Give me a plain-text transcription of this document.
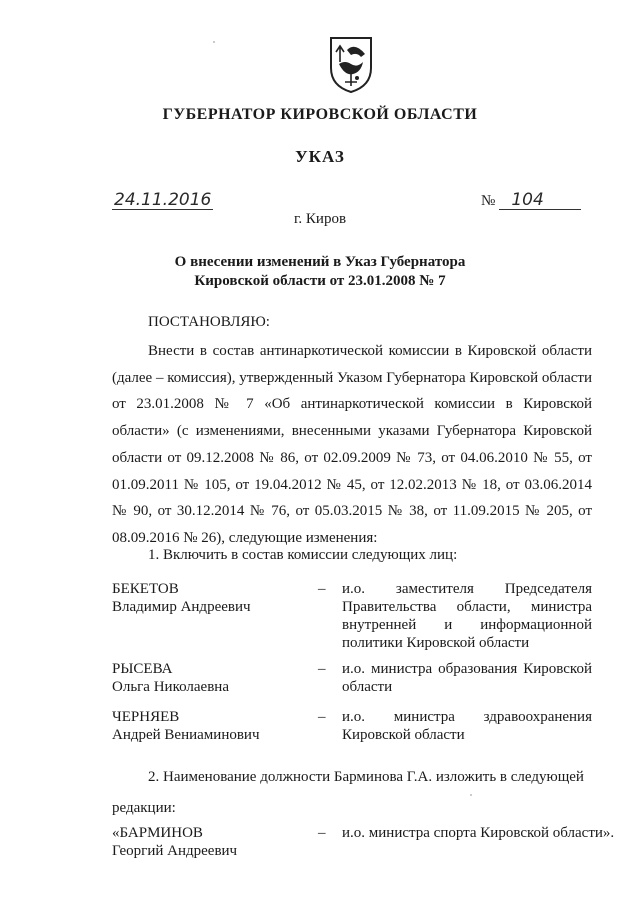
ГУБЕРНАТОР КИРОВСКОЙ ОБЛАСТИ
УКАЗ
24.11.2016	№ 104
г. Киров
О внесении изменений в Указ Губернатора
Кировской области от 23.01.2008 № 7
ПОСТАНОВЛЯЮ:

Внести в состав антинаркотической комиссии в Кировской области (далее – комиссия), утвержденный Указом Губернатора Кировской области от 23.01.2008 № 7 «Об антинаркотической комиссии в Кировской области» (с изменениями, внесенными указами Губернатора Кировской области от 09.12.2008 № 86, от 02.09.2009 № 73, от 04.06.2010 № 55, от 01.09.2011 № 105, от 19.04.2012 № 45, от 12.02.2013 № 18, от 03.06.2014 № 90, от 30.12.2014 № 76, от 05.03.2015 № 38, от 11.09.2015 № 205, от 08.09.2016 № 26), следующие изменения:

1. Включить в состав комиссии следующих лиц:
БЕКЕТОВ
Владимир Андреевич
– и.о. заместителя Председателя Правительства области, министра внутренней и информационной политики Кировской области
РЫСЕВА
Ольга Николаевна
– и.о. министра образования Кировской области
ЧЕРНЯЕВ
Андрей Вениаминович
– и.о. министра здравоохранения Кировской области
2. Наименование должности Барминова Г.А. изложить в следующей
редакции:
«БАРМИНОВ
Георгий Андреевич
– и.о. министра спорта Кировской области».
